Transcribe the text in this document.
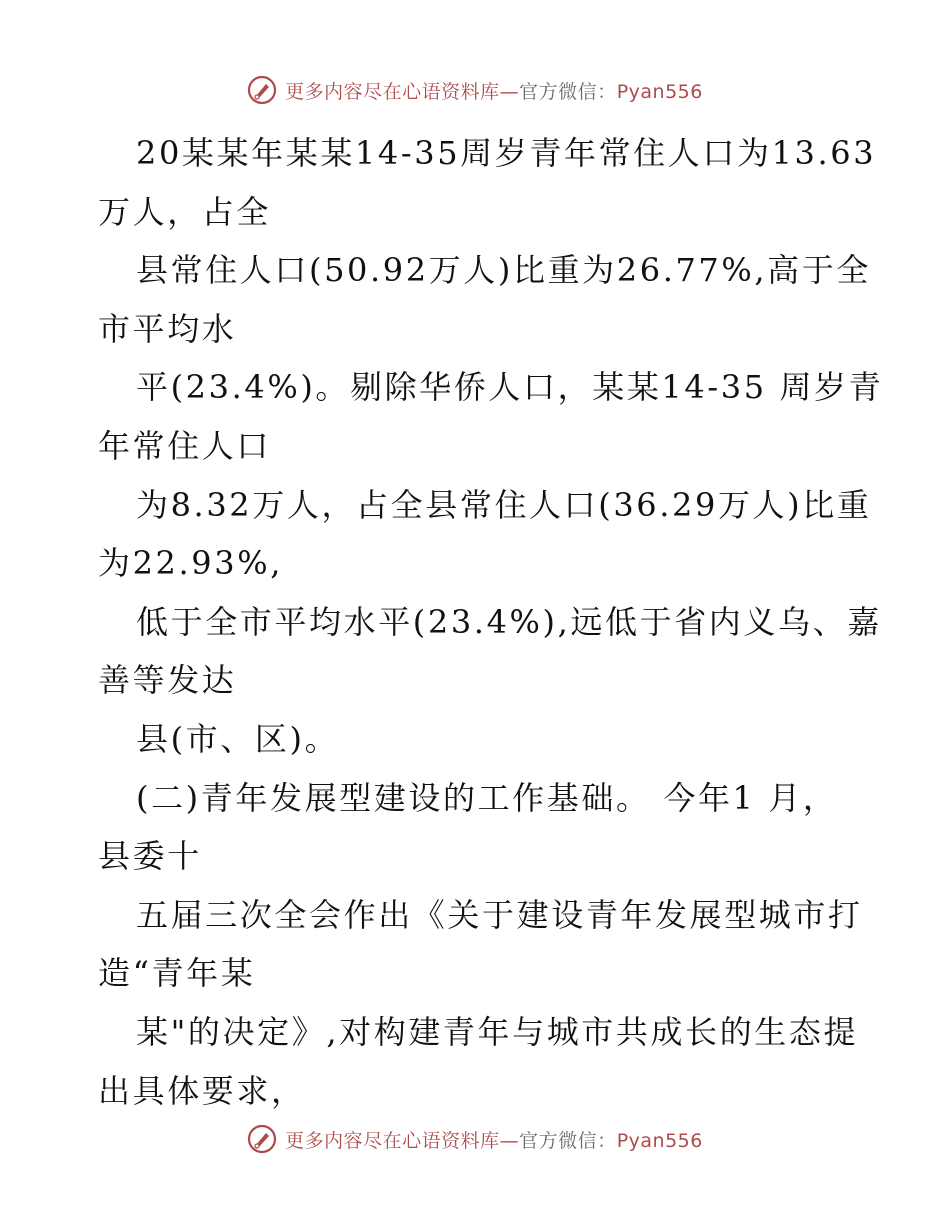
更多内容尽在心语资料库—官方微信：Pyan556
20某某年某某14-35周岁青年常住人口为13.63
万人，占全
县常住人口(50.92万人)比重为26.77%,高于全
市平均水
平(23.4%)。剔除华侨人口，某某14-35 周岁青
年常住人口
为8.32万人，占全县常住人口(36.29万人)比重
为22.93%,
低于全市平均水平(23.4%),远低于省内义乌、嘉
善等发达
县(市、区)。
(二)青年发展型建设的工作基础。 今年1 月，
县委十
五届三次全会作出《关于建设青年发展型城市打
造“青年某
某"的决定》,对构建青年与城市共成长的生态提
出具体要求，
更多内容尽在心语资料库—官方微信：Pyan556
